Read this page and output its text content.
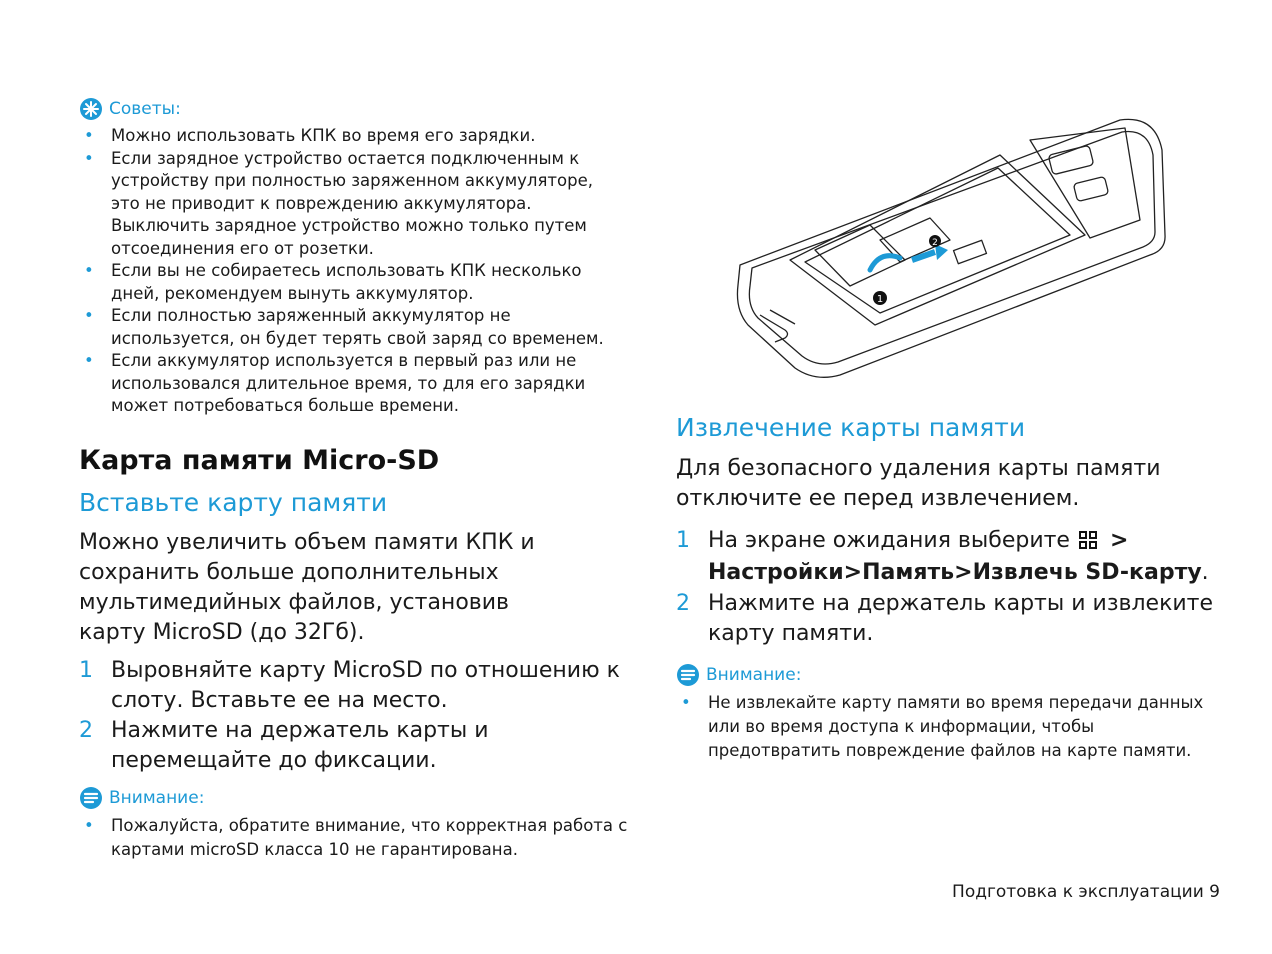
Советы:
• Можно использовать КПК во время его зарядки.
• Если зарядное устройство остается подключенным к устройству при полностью заряженном аккумуляторе, это не приводит к повреждению аккумулятора. Выключить зарядное устройство можно только путем отсоединения его от розетки.
• Если вы не собираетесь использовать КПК несколько дней, рекомендуем вынуть аккумулятор.
• Если полностью заряженный аккумулятор не используется, он будет терять свой заряд со временем.
• Если аккумулятор используется в первый раз или не использовался длительное время, то для его зарядки может потребоваться больше времени.
Карта памяти Micro-SD
Вставьте карту памяти
Можно увеличить объем памяти КПК и сохранить больше дополнительных мультимедийных файлов, установив карту MicroSD (до 32Гб).
1 Выровняйте карту MicroSD по отношению к слоту. Вставьте ее на место.
2 Нажмите на держатель карты и перемещайте до фиксации.
Внимание:
• Пожалуйста, обратите внимание, что корректная работа с картами microSD класса 10 не гарантирована.
1
2
Извлечение карты памяти
Для безопасного удаления карты памяти отключите ее перед извлечением.
1 На экране ожидания выберите > Настройки>Память>Извлечь SD-карту.
2 Нажмите на держатель карты и извлеките карту памяти.
Внимание:
• Не извлекайте карту памяти во время передачи данных или во время доступа к информации, чтобы предотвратить повреждение файлов на карте памяти.
Подготовка к эксплуатации 9
